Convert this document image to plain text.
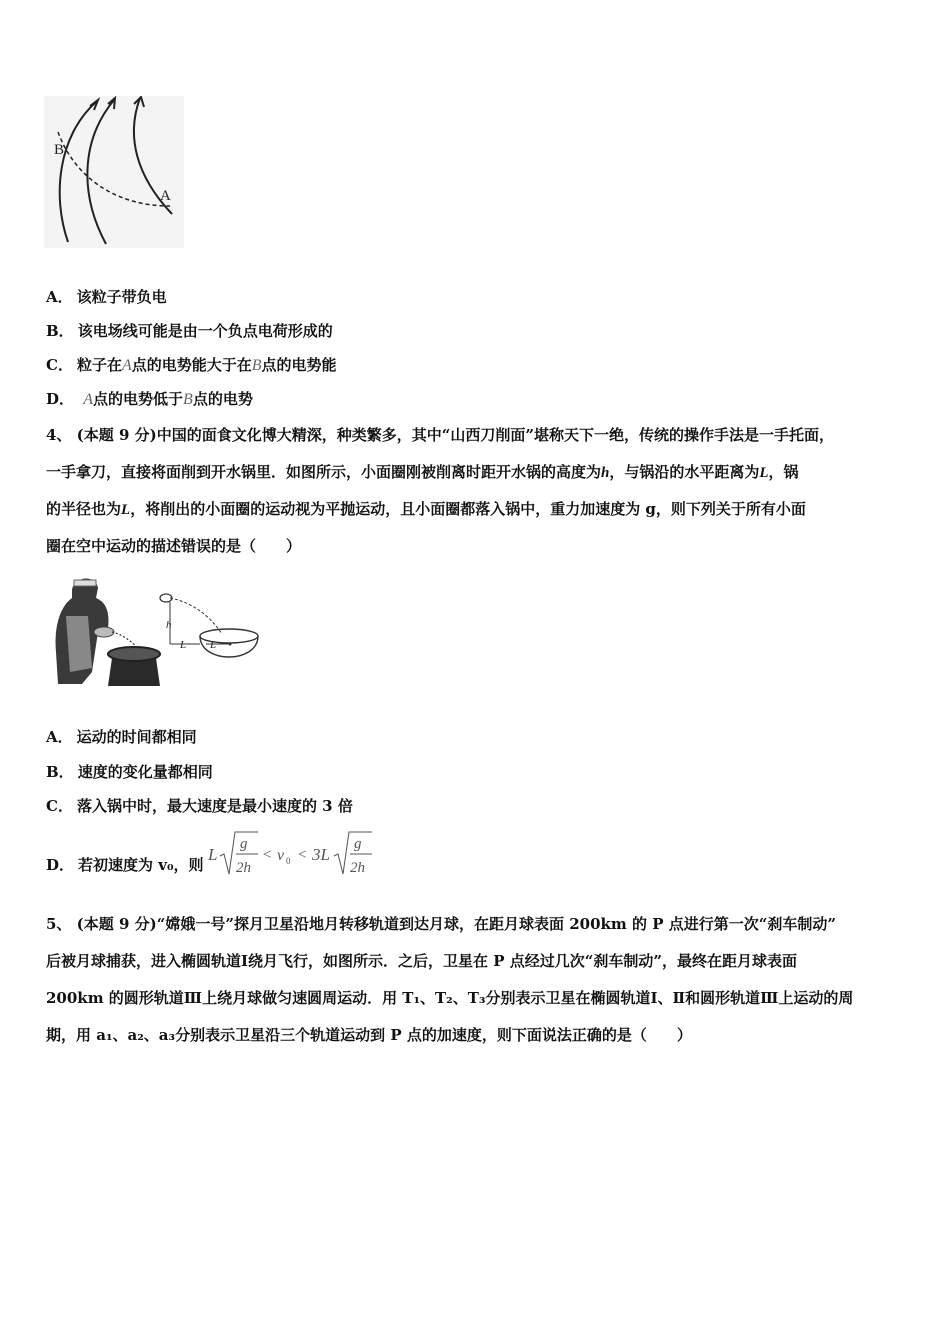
B
A
A． 该粒子带负电
B． 该电场线可能是由一个负点电荷形成的
C． 粒子在A点的电势能大于在B点的电势能
D． A点的电势低于B点的电势
4、 (本题 9 分)中国的面食文化博大精深，种类繁多，其中“山西刀削面”堪称天下一绝，传统的操作手法是一手托面，
一手拿刀，直接将面削到开水锅里．如图所示，小面圈刚被削离时距开水锅的高度为h，与锅沿的水平距离为L，锅
的半径也为L，将削出的小面圈的运动视为平抛运动，且小面圈都落入锅中，重力加速度为 g，则下列关于所有小面
圈在空中运动的描述错误的是（　　）
h
L L
A． 运动的时间都相同
B． 速度的变化量都相同
C． 落入锅中时，最大速度是最小速度的 3 倍
D． 若初速度为 v₀，则
L
g
2h
< v 0 < 3L
g
2h
5、 (本题 9 分)“嫦娥一号”探月卫星沿地月转移轨道到达月球，在距月球表面 200km 的 P 点进行第一次“刹车制动”
后被月球捕获，进入椭圆轨道Ⅰ绕月飞行，如图所示．之后，卫星在 P 点经过几次“刹车制动”，最终在距月球表面
200km 的圆形轨道Ⅲ上绕月球做匀速圆周运动．用 T₁、T₂、T₃分别表示卫星在椭圆轨道Ⅰ、Ⅱ和圆形轨道Ⅲ上运动的周
期，用 a₁、a₂、a₃分别表示卫星沿三个轨道运动到 P 点的加速度，则下面说法正确的是（　　）
